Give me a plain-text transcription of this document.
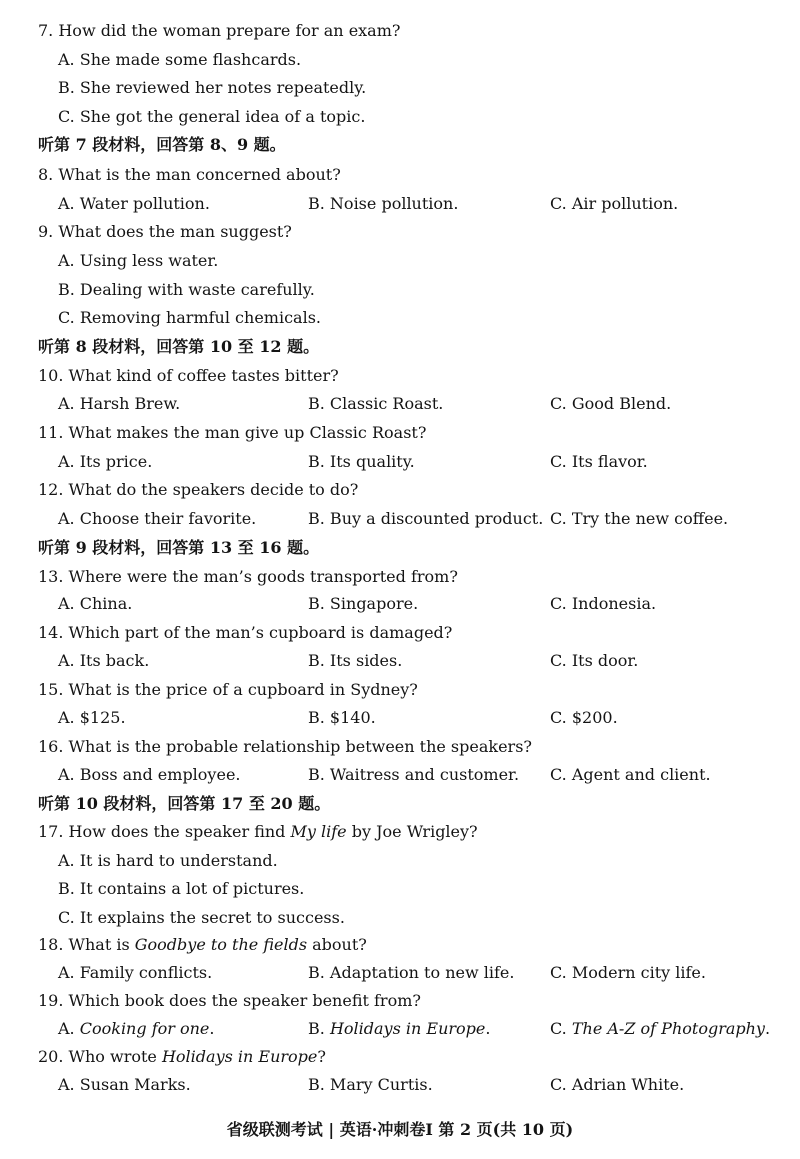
7. How did the woman prepare for an exam?
A. She made some flashcards.
B. She reviewed her notes repeatedly.
C. She got the general idea of a topic.
听第 7 段材料，回答第 8、9 题。
8. What is the man concerned about?
A. Water pollution.	B. Noise pollution.	C. Air pollution.
9. What does the man suggest?
A. Using less water.
B. Dealing with waste carefully.
C. Removing harmful chemicals.
听第 8 段材料，回答第 10 至 12 题。
10. What kind of coffee tastes bitter?
A. Harsh Brew.	B. Classic Roast.	C. Good Blend.
11. What makes the man give up Classic Roast?
A. Its price.	B. Its quality.	C. Its flavor.
12. What do the speakers decide to do?
A. Choose their favorite.	B. Buy a discounted product. C. Try the new coffee.
听第 9 段材料，回答第 13 至 16 题。
13. Where were the man’s goods transported from?
A. China.	B. Singapore.	C. Indonesia.
14. Which part of the man’s cupboard is damaged?
A. Its back.	B. Its sides.	C. Its door.
15. What is the price of a cupboard in Sydney?
A. $125.	B. $140.	C. $200.
16. What is the probable relationship between the speakers?
A. Boss and employee.	B. Waitress and customer. C. Agent and client.
听第 10 段材料，回答第 17 至 20 题。
17. How does the speaker find My life by Joe Wrigley?
A. It is hard to understand.
B. It contains a lot of pictures.
C. It explains the secret to success.
18. What is Goodbye to the fields about?
A. Family conflicts.	B. Adaptation to new life. C. Modern city life.
19. Which book does the speaker benefit from?
A. Cooking for one.	B. Holidays in Europe.	C. The A-Z of Photography.
20. Who wrote Holidays in Europe?
A. Susan Marks.	B. Mary Curtis.	C. Adrian White.
省级联测考试 | 英语·冲刺卷Ⅰ 第 2 页(共 10 页)
